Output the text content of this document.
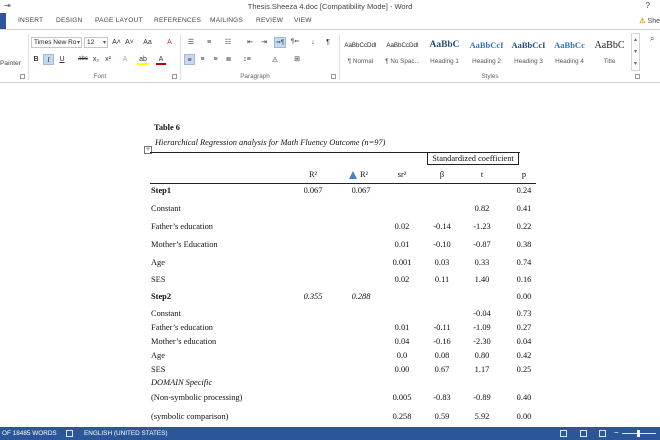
⇥	Thesis.Sheeza 4.doc [Compatibility Mode] - Word	?
INSERT DESIGN PAGE LAYOUT REFERENCES MAILINGS REVIEW VIEW	⚠ She
Painter
Times New Ro ▾	12 ▾	A˄ A˅	Aa	A
B	I	U	abc x₂ x²	A	ab	A
Font
☰	≡	☷	⇤	⇥	⇒¶	¶⇐	↓	¶
≡	≡	≡	≣	↕≡	◬	⊞
Paragraph
AaBbCcDdI
¶ Normal
AaBbCcDdI
¶ No Spac...
AaBbC
Heading 1
AaBbCcI
Heading 2
AaBbCcI
Heading 3
AaBbCc
Heading 4
AaBbC
Title
▴
▾
▾
Styles
⌕
Table 6
+
Hierarchical Regression analysis for Math Fluency Outcome (n=97)
Standardized coefficient
R²	R²	sr²	β	t	p
Step1	0.067	0.067	0.24
Constant	0.82	0.41
Father’s education	0.02	-0.14	-1.23	0.22
Mother’s Education	0.01	-0.10	-0.87	0.38
Age	0.001	0.03	0.33	0.74
SES	0.02	0.11	1.40	0.16
Step2	0.355	0.288	0.00
Constant	-0.04	0.73
Father’s education	0.01	-0.11	-1.09	0.27
Mother’s education	0.04	-0.16	-2.30	0.04
Age	0.0	0.08	0.80	0.42
SES	0.00	0.67	1.17	0.25
DOMAIN Specific
(Non-symbolic processing)	0.005	-0.83	-0.89	0.40
(symbolic comparison)	0.258	0.59	5.92	0.00
OF 18485 WORDS	ENGLISH (UNITED STATES)	−
